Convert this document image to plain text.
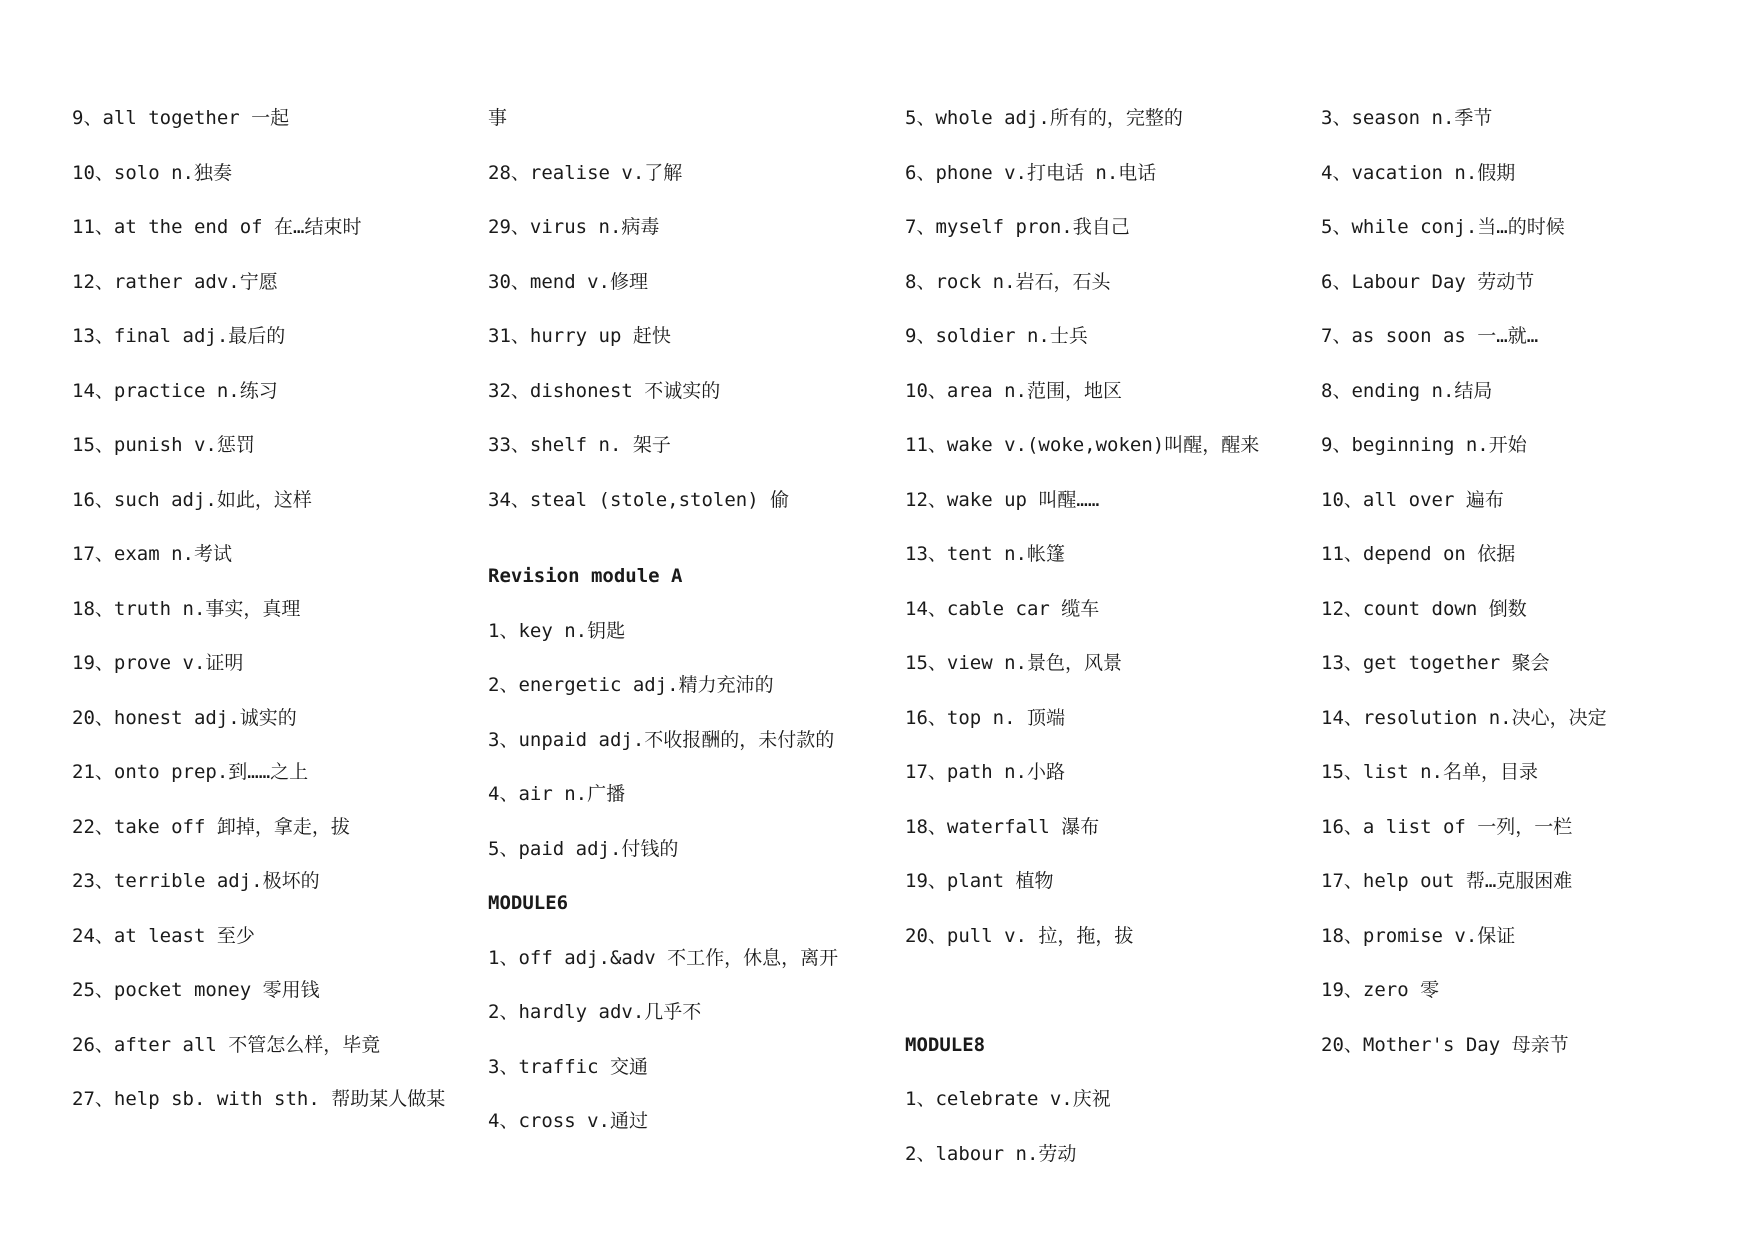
9、all together 一起
10、solo n.独奏
11、at the end of 在…结束时
12、rather adv.宁愿
13、final adj.最后的
14、practice n.练习
15、punish v.惩罚
16、such adj.如此，这样
17、exam n.考试
18、truth n.事实，真理
19、prove v.证明
20、honest adj.诚实的
21、onto prep.到……之上
22、take off 卸掉，拿走，拔
23、terrible adj.极坏的
24、at least 至少
25、pocket money 零用钱
26、after all 不管怎么样，毕竟
27、help sb. with sth. 帮助某人做某
事
28、realise v.了解
29、virus n.病毒
30、mend v.修理
31、hurry up 赶快
32、dishonest 不诚实的
33、shelf n. 架子
34、steal (stole,stolen) 偷
Revision module A
1、key n.钥匙
2、energetic adj.精力充沛的
3、unpaid adj.不收报酬的，未付款的
4、air n.广播
5、paid adj.付钱的
MODULE6
1、off adj.&adv 不工作，休息，离开
2、hardly adv.几乎不
3、traffic 交通
4、cross v.通过
5、whole adj.所有的，完整的
6、phone v.打电话 n.电话
7、myself pron.我自己
8、rock n.岩石，石头
9、soldier n.士兵
10、area n.范围，地区
11、wake v.(woke,woken)叫醒，醒来
12、wake up 叫醒……
13、tent n.帐篷
14、cable car 缆车
15、view n.景色，风景
16、top n. 顶端
17、path n.小路
18、waterfall 瀑布
19、plant 植物
20、pull v. 拉，拖，拔
MODULE8
1、celebrate v.庆祝
2、labour n.劳动
3、season n.季节
4、vacation n.假期
5、while conj.当…的时候
6、Labour Day 劳动节
7、as soon as 一…就…
8、ending n.结局
9、beginning n.开始
10、all over 遍布
11、depend on 依据
12、count down 倒数
13、get together 聚会
14、resolution n.决心，决定
15、list n.名单，目录
16、a list of 一列，一栏
17、help out 帮…克服困难
18、promise v.保证
19、zero 零
20、Mother's Day 母亲节
